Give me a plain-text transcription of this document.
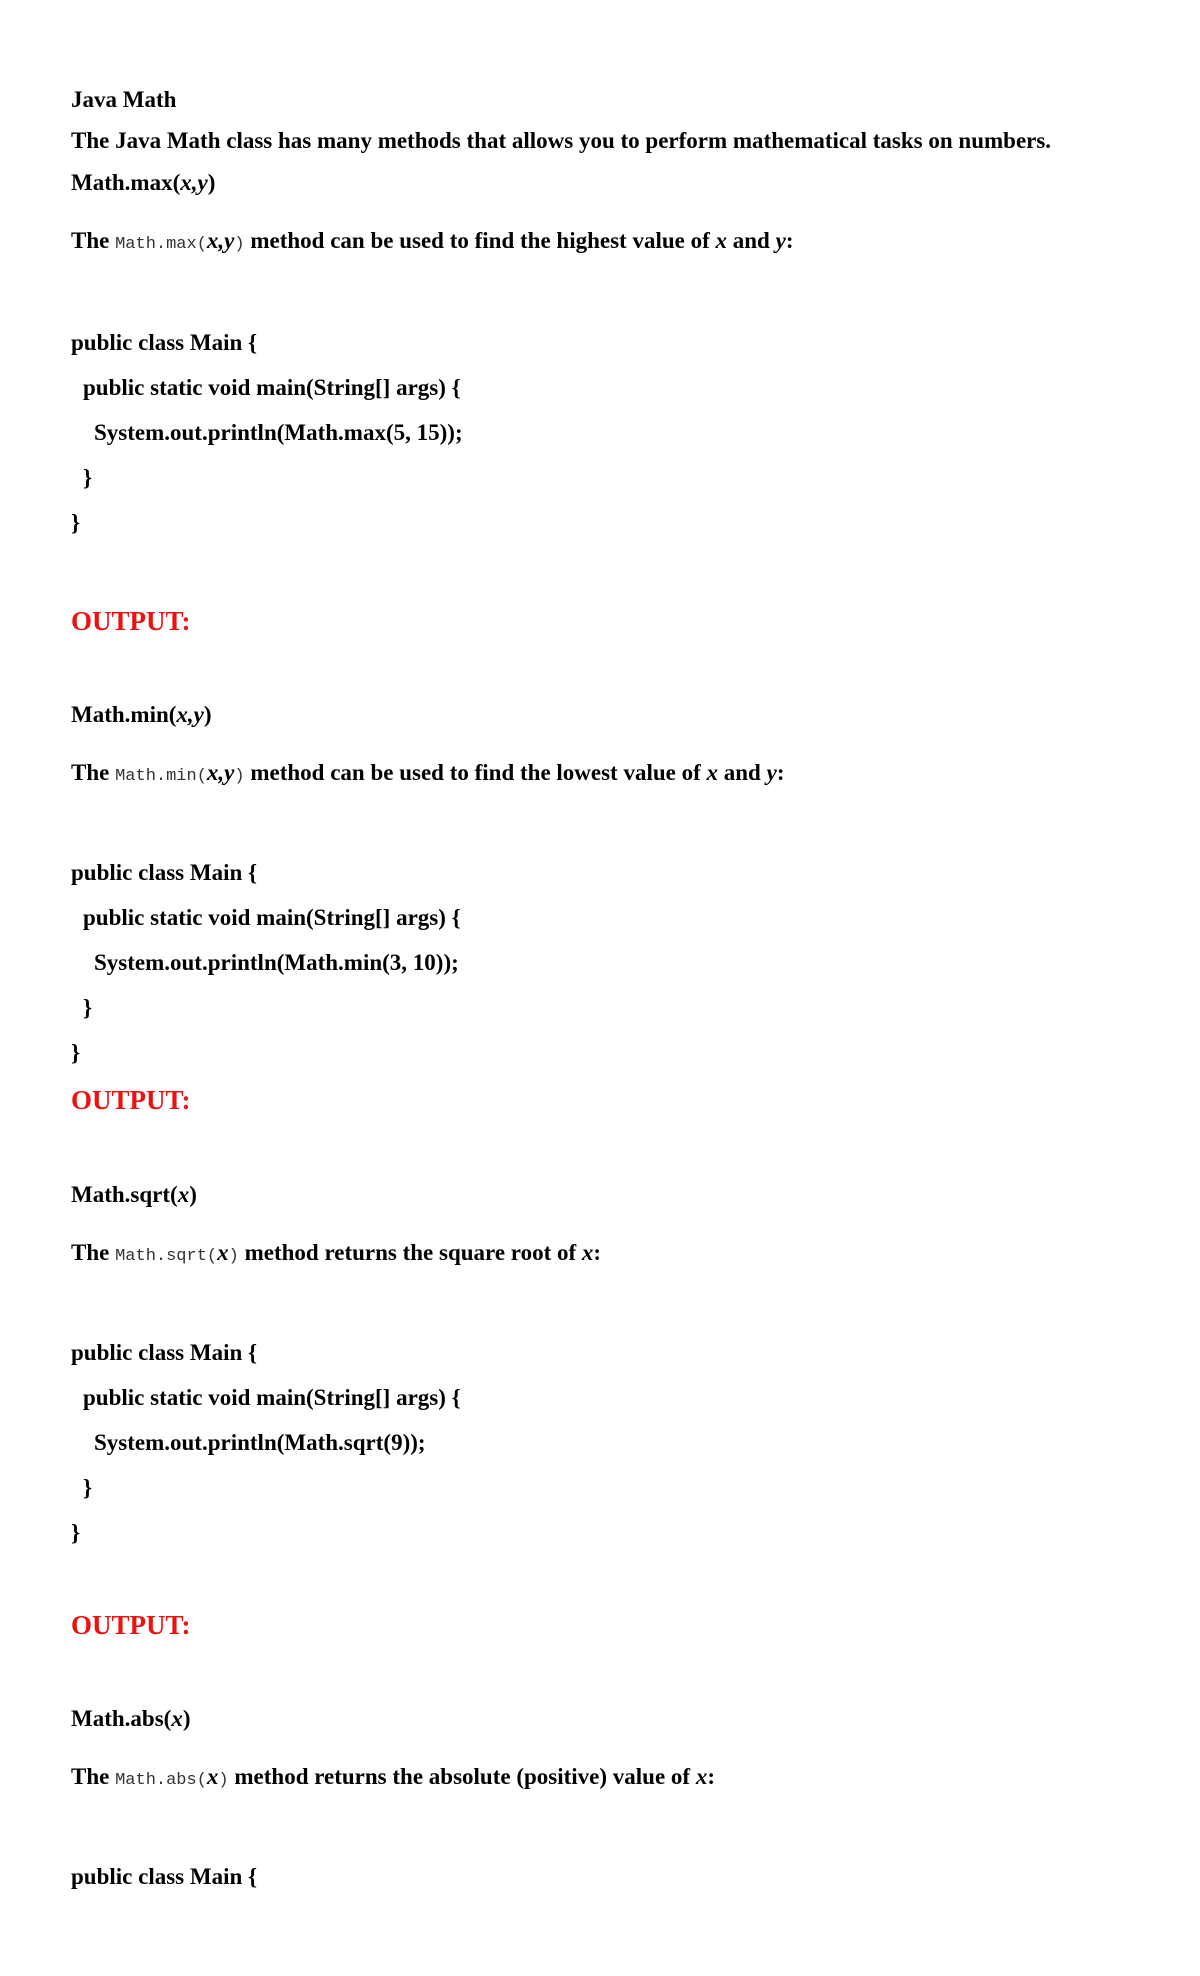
Java Math
The Java Math class has many methods that allows you to perform mathematical tasks on numbers.
Math.max(x,y)
The Math.max(x,y) method can be used to find the highest value of x and y:
public class Main {
public static void main(String[] args) {
System.out.println(Math.max(5, 15));
}
}
OUTPUT:
Math.min(x,y)
The Math.min(x,y) method can be used to find the lowest value of x and y:
public class Main {
public static void main(String[] args) {
System.out.println(Math.min(3, 10));
}
}
OUTPUT:
Math.sqrt(x)
The Math.sqrt(x) method returns the square root of x:
public class Main {
public static void main(String[] args) {
System.out.println(Math.sqrt(9));
}
}
OUTPUT:
Math.abs(x)
The Math.abs(x) method returns the absolute (positive) value of x:
public class Main {
